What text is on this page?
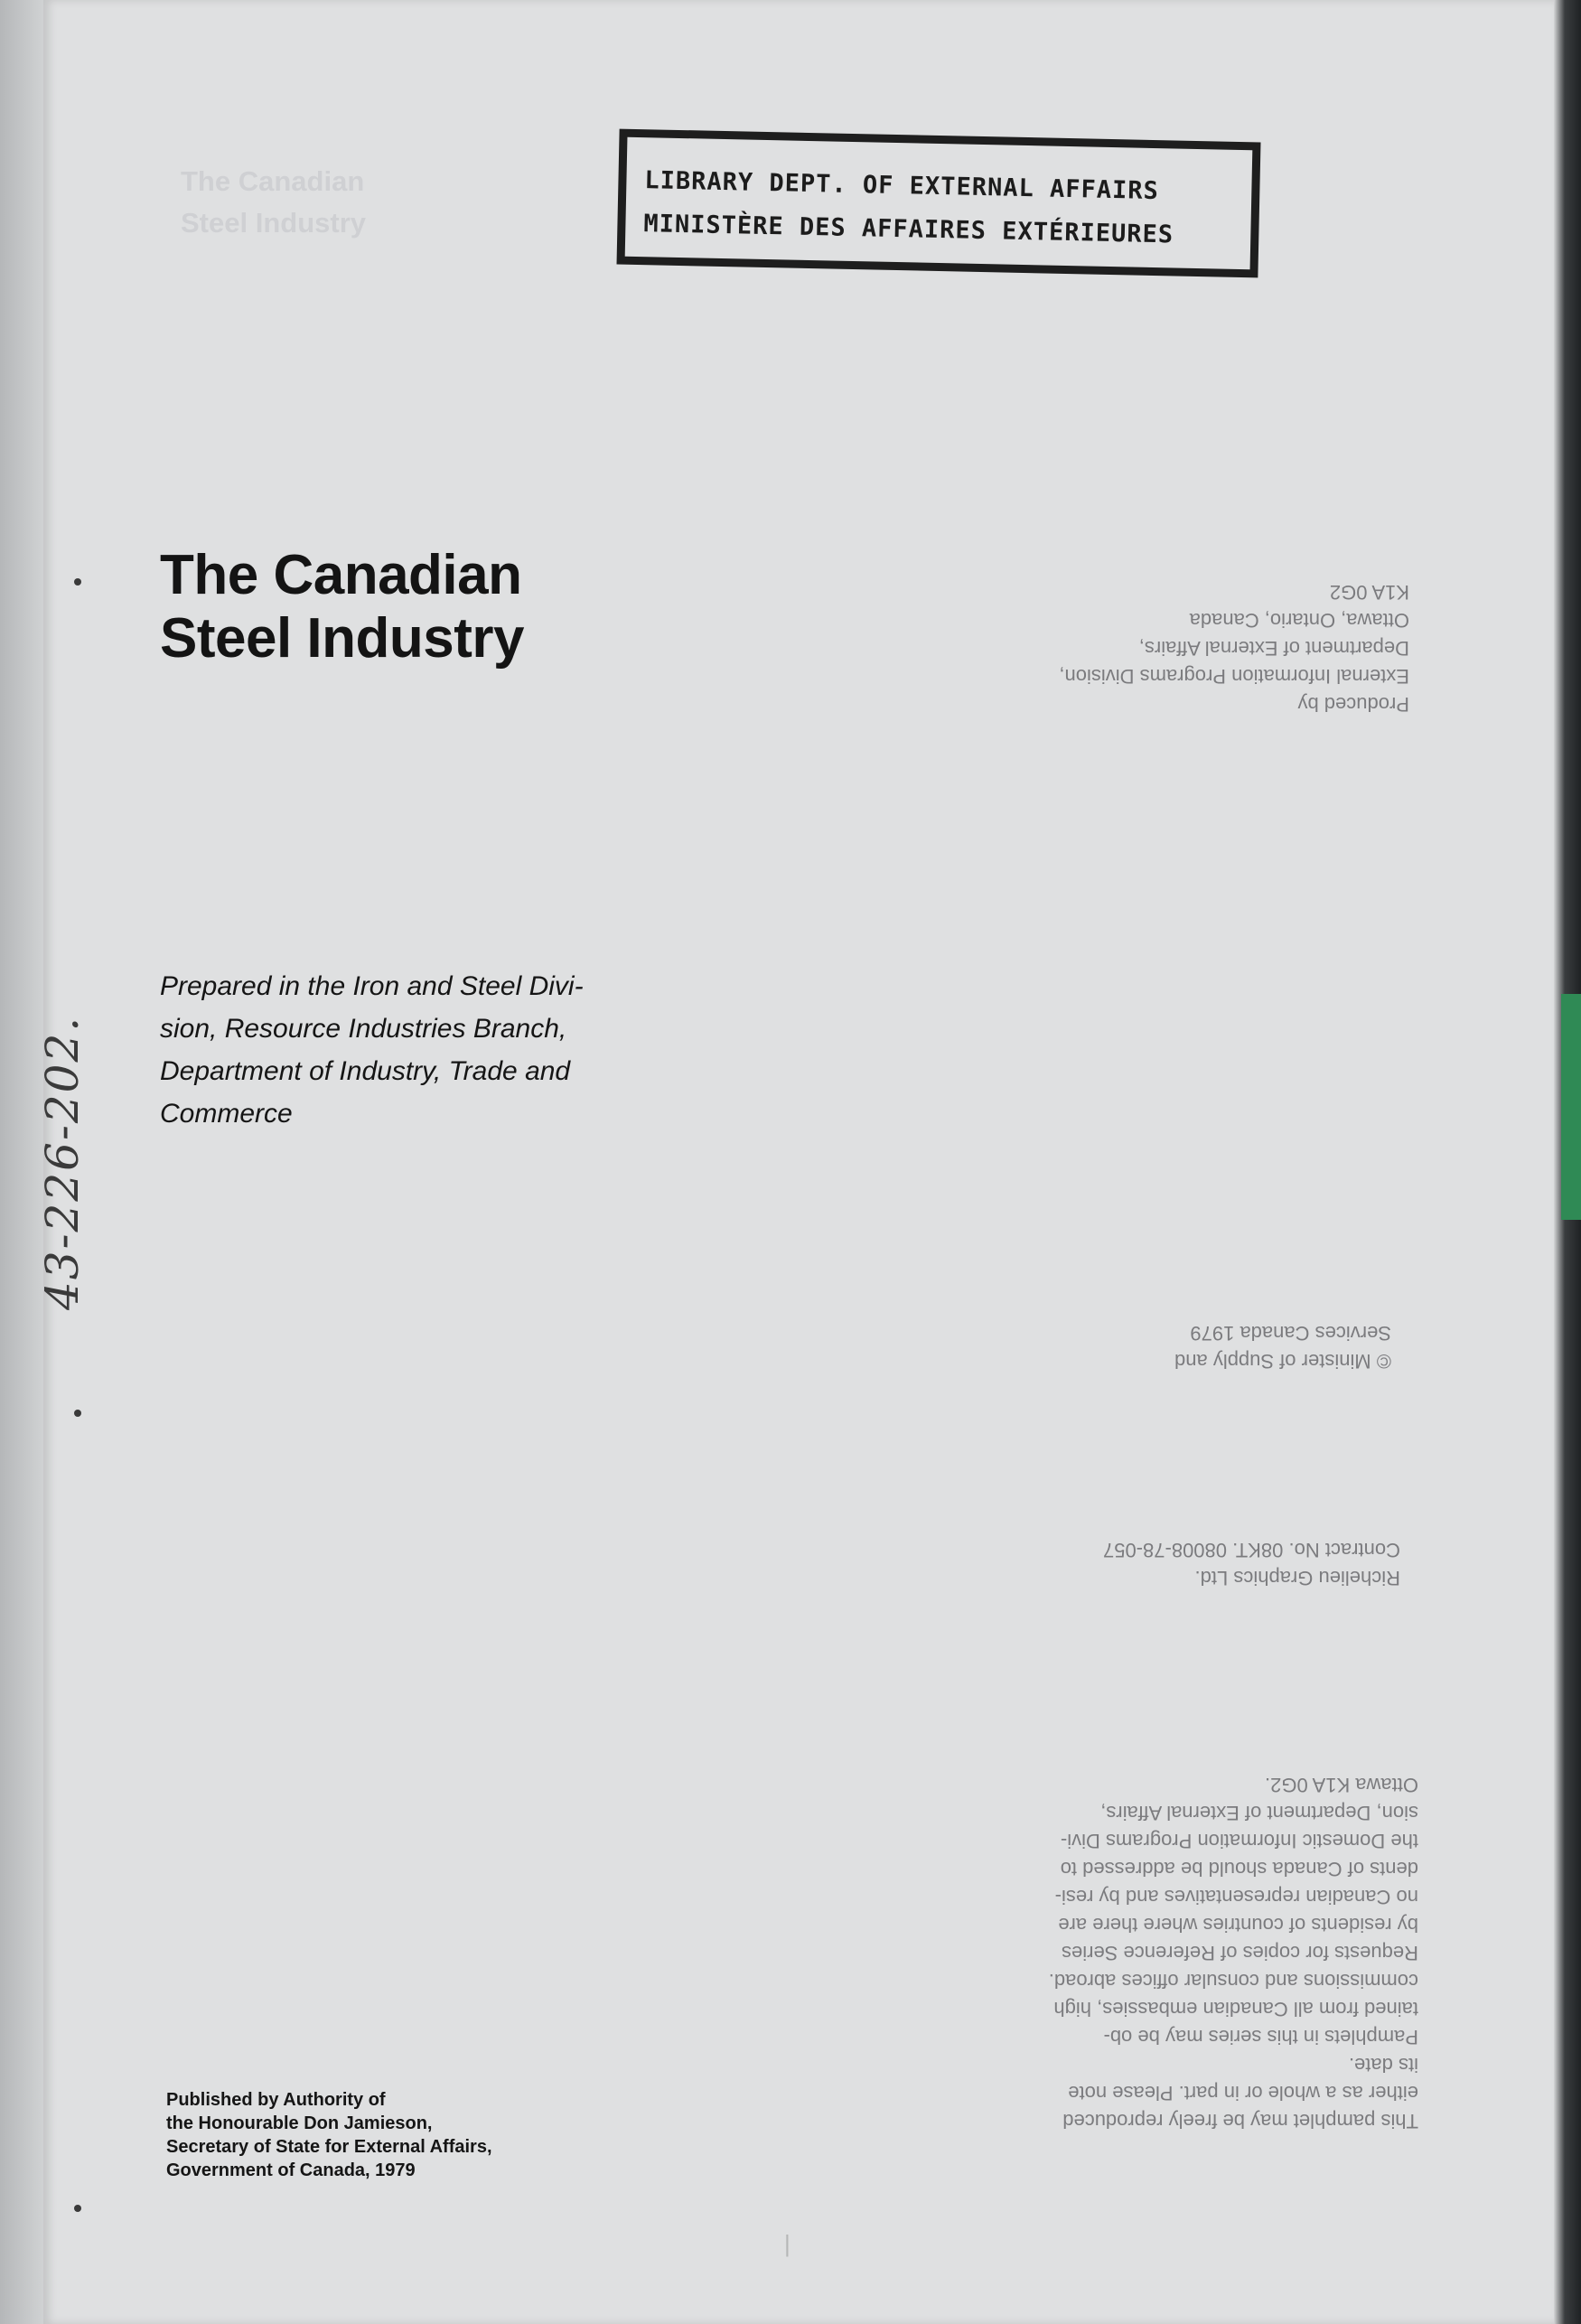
The Canadian
Steel Industry
Produced by
External Information Programs Division,
Department of External Affairs,
Ottawa, Ontario, Canada
K1A 0G2
© Minister of Supply and
Services Canada 1979
Richelieu Graphics Ltd.
Contract No. 08KT. 08008-78-057
This pamphlet may be freely reproduced
either as a whole or in part. Please note
its date.
Pamphlets in this series may be ob-
tained from all Canadian embassies, high
commissions and consular offices abroad.
Requests for copies of Reference Series
by residents of countries where there are
no Canadian representatives and by resi-
dents of Canada should be addressed to
the Domestic Information Programs Divi-
sion, Department of External Affairs,
Ottawa K1A 0G2.
LIBRARY DEPT. OF EXTERNAL AFFAIRS
MINISTÈRE DES AFFAIRES EXTÉRIEURES
The Canadian
Steel Industry

Prepared in the Iron and Steel Divi-
sion, Resource Industries Branch,
Department of Industry, Trade and
Commerce

Published by Authority of
the Honourable Don Jamieson,
Secretary of State for External Affairs,
Government of Canada, 1979
43-226-202.
|
